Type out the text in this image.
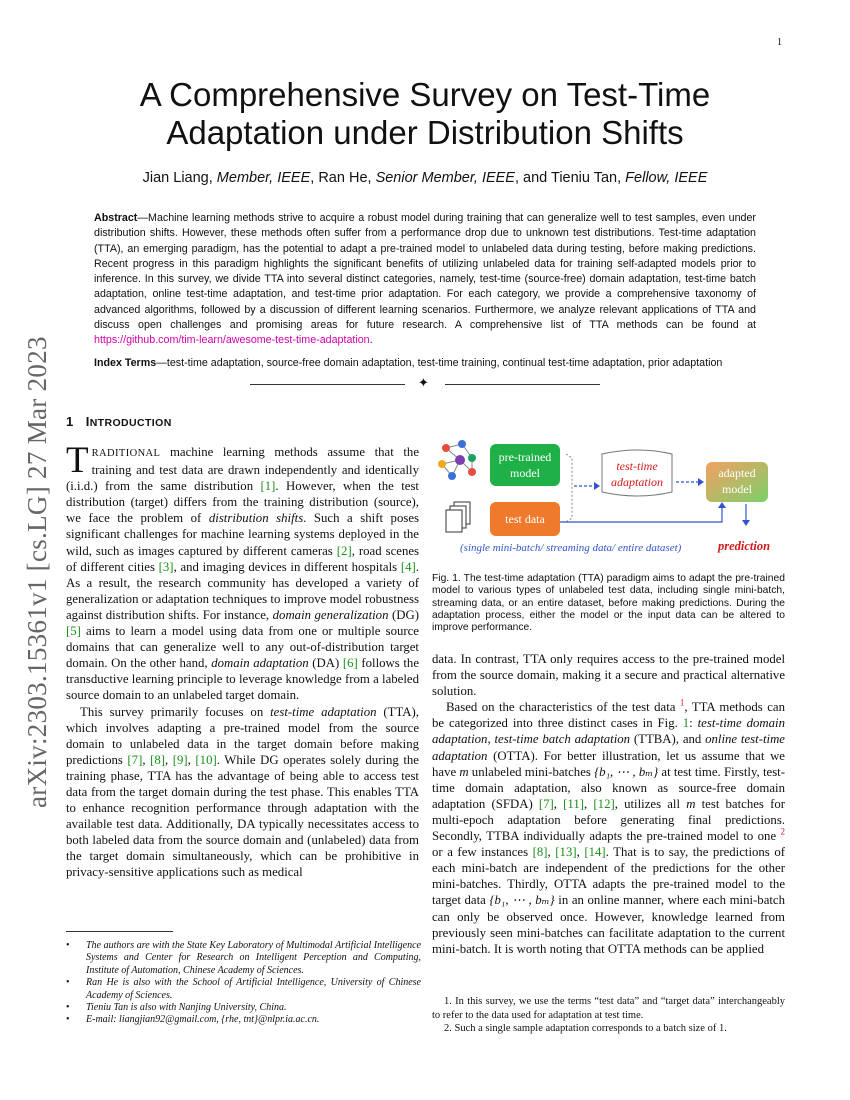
1
arXiv:2303.15361v1 [cs.LG] 27 Mar 2023
A Comprehensive Survey on Test-Time
Adaptation under Distribution Shifts
Jian Liang, Member, IEEE, Ran He, Senior Member, IEEE, and Tieniu Tan, Fellow, IEEE
Abstract—Machine learning methods strive to acquire a robust model during training that can generalize well to test samples, even under distribution shifts. However, these methods often suffer from a performance drop due to unknown test distributions. Test-time adaptation (TTA), an emerging paradigm, has the potential to adapt a pre-trained model to unlabeled data during testing, before making predictions. Recent progress in this paradigm highlights the significant benefits of utilizing unlabeled data for training self-adapted models prior to inference. In this survey, we divide TTA into several distinct categories, namely, test-time (source-free) domain adaptation, test-time batch adaptation, online test-time adaptation, and test-time prior adaptation. For each category, we provide a comprehensive taxonomy of advanced algorithms, followed by a discussion of different learning scenarios. Furthermore, we analyze relevant applications of TTA and discuss open challenges and promising areas for future research. A comprehensive list of TTA methods can be found at https://github.com/tim-learn/awesome-test-time-adaptation.
Index Terms—test-time adaptation, source-free domain adaptation, test-time training, continual test-time adaptation, prior adaptation
✦
1 INTRODUCTION

TRADITIONAL machine learning methods assume that the training and test data are drawn independently and identically (i.i.d.) from the same distribution [1]. However, when the test distribution (target) differs from the training distribution (source), we face the problem of distribution shifts. Such a shift poses significant challenges for machine learning systems deployed in the wild, such as images captured by different cameras [2], road scenes of different cities [3], and imaging devices in different hospitals [4]. As a result, the research community has developed a variety of generalization or adaptation techniques to improve model robustness against distribution shifts. For instance, domain generalization (DG) [5] aims to learn a model using data from one or multiple source domains that can generalize well to any out-of-distribution target domain. On the other hand, domain adaptation (DA) [6] follows the transductive learning principle to leverage knowledge from a labeled source domain to an unlabeled target domain.

This survey primarily focuses on test-time adaptation (TTA), which involves adapting a pre-trained model from the source domain to unlabeled data in the target domain before making predictions [7], [8], [9], [10]. While DG operates solely during the training phase, TTA has the advantage of being able to access test data from the target domain during the test phase. This enables TTA to enhance recognition performance through adaptation with the available test data. Additionally, DA typically necessitates access to both labeled data from the source domain and (unlabeled) data from the target domain simultaneously, which can be prohibitive in privacy-sensitive applications such as medical

pre-trained
model
test data
test-time
adaptation
adapted
model
prediction
(single mini-batch/ streaming data/ entire dataset)
Fig. 1. The test-time adaptation (TTA) paradigm aims to adapt the pre-trained model to various types of unlabeled test data, including single mini-batch, streaming data, or an entire dataset, before making predictions. During the adaptation process, either the model or the input data can be altered to improve performance.

data. In contrast, TTA only requires access to the pre-trained model from the source domain, making it a secure and practical alternative solution.

Based on the characteristics of the test data $^1$, TTA methods can be categorized into three distinct cases in Fig. 1: test-time domain adaptation, test-time batch adaptation (TTBA), and online test-time adaptation (OTTA). For better illustration, let us assume that we have m unlabeled mini-batches {b₁, ⋯ , bₘ} at test time. Firstly, test-time domain adaptation, also known as source-free domain adaptation (SFDA) [7], [11], [12], utilizes all m test batches for multi-epoch adaptation before generating final predictions. Secondly, TTBA individually adapts the pre-trained model to one $^2$ or a few instances [8], [13], [14]. That is to say, the predictions of each mini-batch are independent of the predictions for the other mini-batches. Thirdly, OTTA adapts the pre-trained model to the target data {b₁, ⋯ , bₘ} in an online manner, where each mini-batch can only be observed once. However, knowledge learned from previously seen mini-batches can facilitate adaptation to the current mini-batch. It is worth noting that OTTA methods can be applied

• The authors are with the State Key Laboratory of Multimodal Artificial Intelligence Systems and Center for Research on Intelligent Perception and Computing, Institute of Automation, Chinese Academy of Sciences.
• Ran He is also with the School of Artificial Intelligence, University of Chinese Academy of Sciences.
• Tieniu Tan is also with Nanjing University, China.
• E-mail: liangjian92@gmail.com, {rhe, tnt}@nlpr.ia.ac.cn.
1. In this survey, we use the terms “test data” and “target data” interchangeably to refer to the data used for adaptation at test time.
2. Such a single sample adaptation corresponds to a batch size of 1.
